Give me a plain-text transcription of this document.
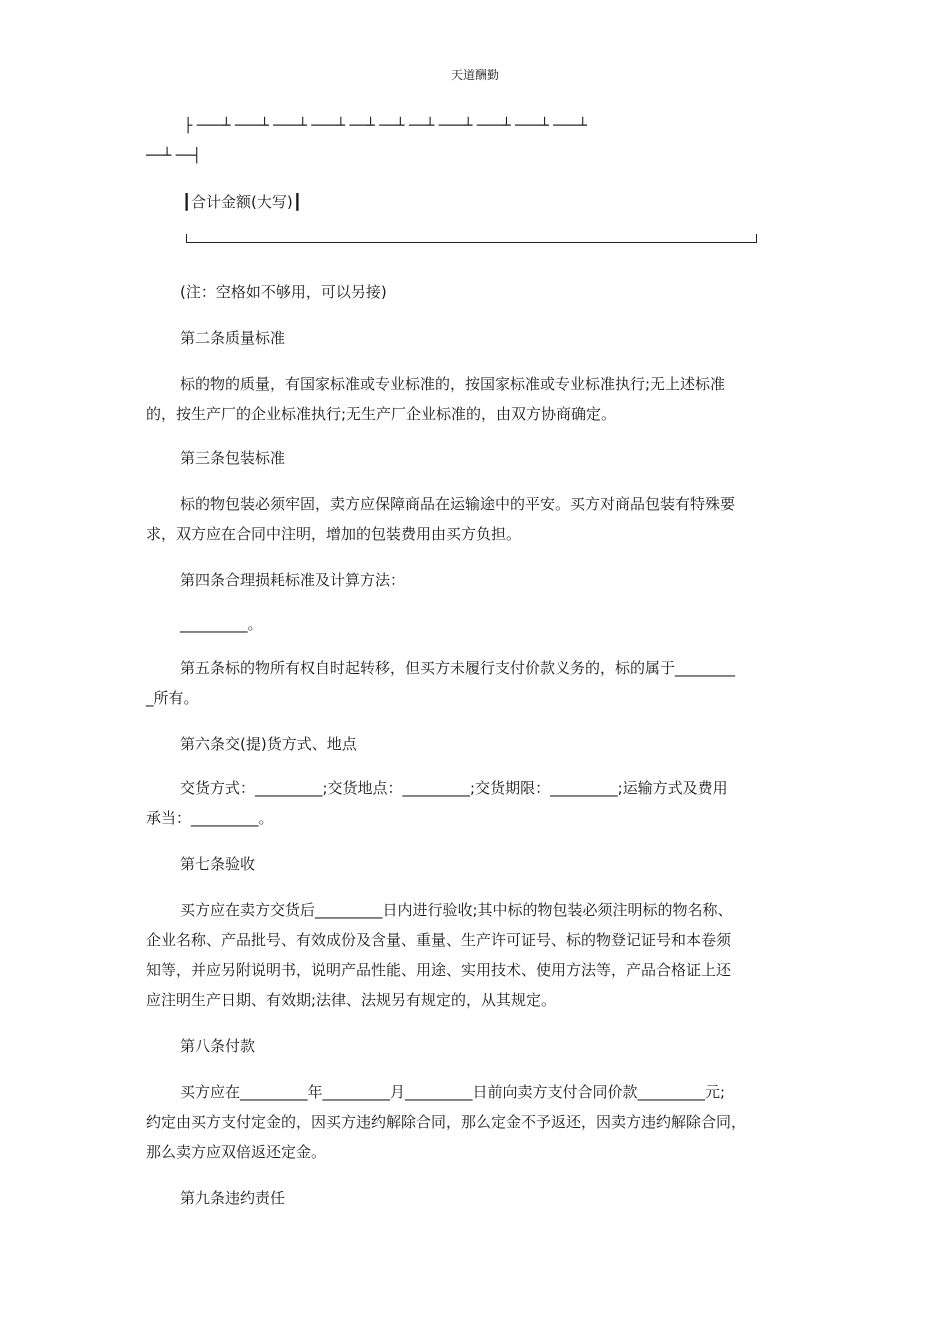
天道酬勤
├ ───┴ ───┴ ───┴ ───┴ ──┴ ──┴ ──┴ ───┴ ───┴ ───┴ ───┴
──┴ ──┤
┃合计金额(大写)┃
(注：空格如不够用，可以另接)
第二条质量标准
标的物的质量，有国家标准或专业标准的，按国家标准或专业标准执行;无上述标准
的，按生产厂的企业标准执行;无生产厂企业标准的，由双方协商确定。
第三条包装标准
标的物包装必须牢固，卖方应保障商品在运输途中的平安。买方对商品包装有特殊要
求，双方应在合同中注明，增加的包装费用由买方负担。
第四条合理损耗标准及计算方法：
_________。
第五条标的物所有权自时起转移，但买方未履行支付价款义务的，标的属于________
_所有。
第六条交(提)货方式、地点
交货方式：_________;交货地点：_________;交货期限：_________;运输方式及费用
承当：_________。
第七条验收
买方应在卖方交货后_________日内进行验收;其中标的物包装必须注明标的物名称、
企业名称、产品批号、有效成份及含量、重量、生产许可证号、标的物登记证号和本卷须
知等，并应另附说明书，说明产品性能、用途、实用技术、使用方法等，产品合格证上还
应注明生产日期、有效期;法律、法规另有规定的，从其规定。
第八条付款
买方应在_________年_________月_________日前向卖方支付合同价款_________元;
约定由买方支付定金的，因买方违约解除合同，那么定金不予返还，因卖方违约解除合同，
那么卖方应双倍返还定金。
第九条违约责任
